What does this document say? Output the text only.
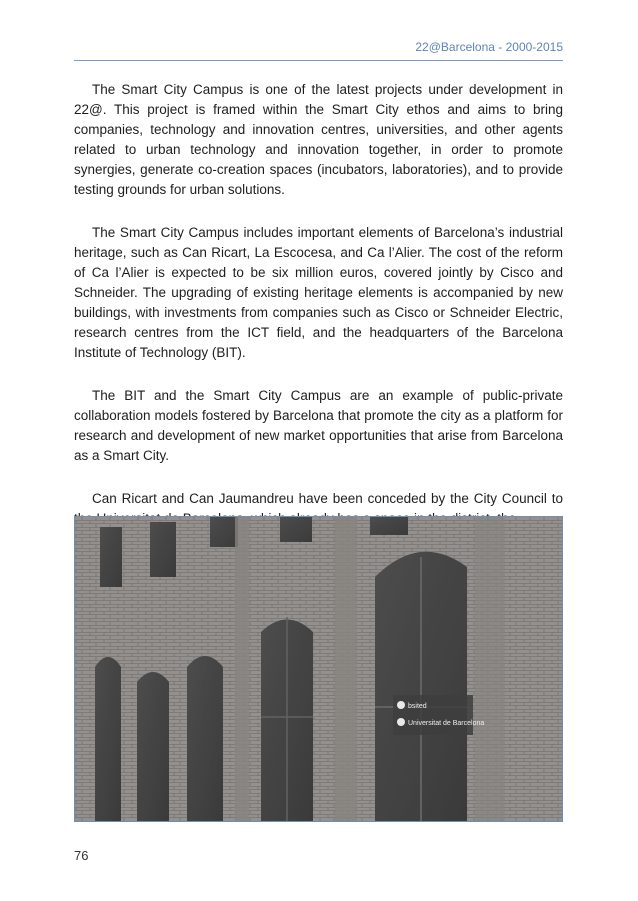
22@Barcelona - 2000-2015

The Smart City Campus is one of the latest projects under development in 22@. This project is framed within the Smart City ethos and aims to bring companies, technology and innovation centres, universities, and other agents related to urban technology and innovation together, in order to promote synergies, generate co-creation spaces (incubators, laboratories), and to provide testing grounds for urban solutions.

The Smart City Campus includes important elements of Barcelona’s industrial heritage, such as Can Ricart, La Escocesa, and Ca l’Alier. The cost of the reform of Ca l’Alier is expected to be six million euros, covered jointly by Cisco and Schneider. The upgrading of existing heritage elements is accompanied by new buildings, with investments from companies such as Cisco or Schneider Electric, research centres from the ICT field, and the headquarters of the Barcelona Institute of Technology (BIT).

The BIT and the Smart City Campus are an example of public-private collaboration models fostered by Barcelona that promote the city as a platform for research and development of new market opportunities that arise from Barcelona as a Smart City.

Can Ricart and Can Jaumandreu have been conceded by the City Council to

bsited
Universitat de Barcelona
76
